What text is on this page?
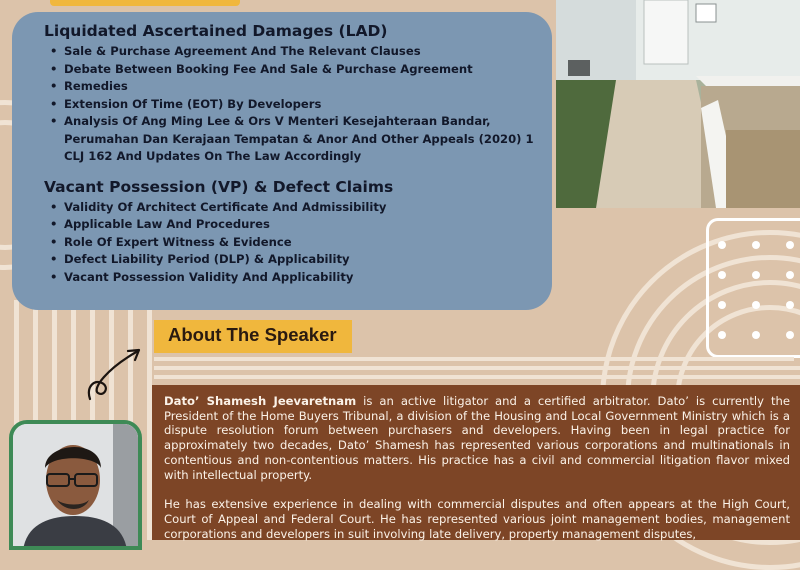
Liquidated Ascertained Damages (LAD)
• Sale & Purchase Agreement And The Relevant Clauses
• Debate Between Booking Fee And Sale & Purchase Agreement
• Remedies
• Extension Of Time (EOT) By Developers
• Analysis Of Ang Ming Lee & Ors V Menteri Kesejahteraan Bandar, Perumahan Dan Kerajaan Tempatan & Anor And Other Appeals (2020) 1 CLJ 162 And Updates On The Law Accordingly
Vacant Possession (VP) & Defect Claims
• Validity Of Architect Certificate And Admissibility
• Applicable Law And Procedures
• Role Of Expert Witness & Evidence
• Defect Liability Period (DLP) & Applicability
• Vacant Possession Validity And Applicability
About The Speaker

Dato’ Shamesh Jeevaretnam is an active litigator and a certified arbitrator. Dato’ is currently the President of the Home Buyers Tribunal, a division of the Housing and Local Government Ministry which is a dispute resolution forum between purchasers and developers. Having been in legal practice for approximately two decades, Dato’ Shamesh has represented various corporations and multinationals in contentious and non-contentious matters. His practice has a civil and commercial litigation flavor mixed with intellectual property.

He has extensive experience in dealing with commercial disputes and often appears at the High Court, Court of Appeal and Federal Court. He has represented various joint management bodies, management corporations and developers in suit involving late delivery, property management disputes,
